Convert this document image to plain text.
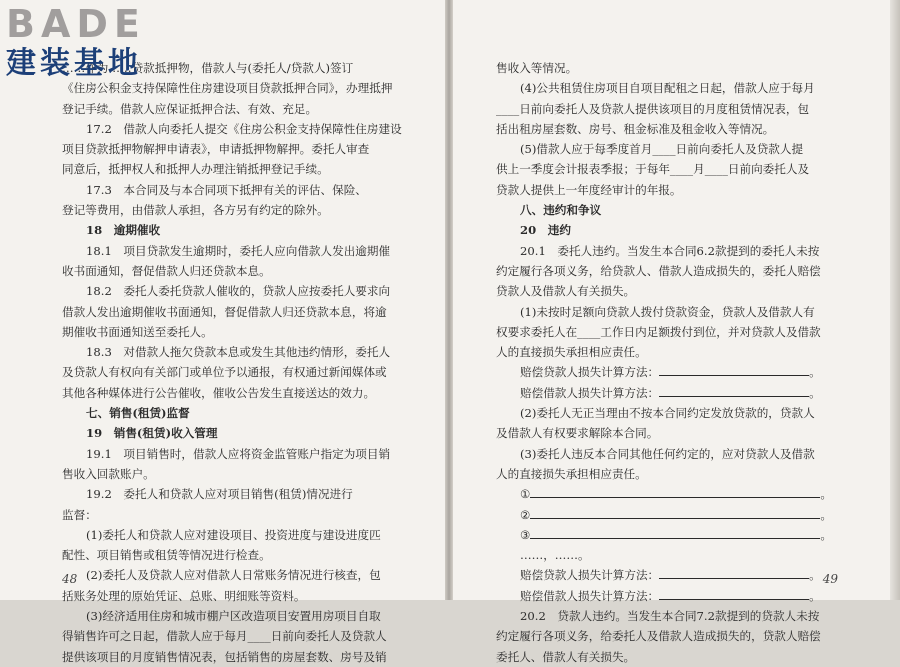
……作为……贷款抵押物，借款人与(委托人/贷款人)签订
《住房公积金支持保障性住房建设项目贷款抵押合同》，办理抵押
登记手续。借款人应保证抵押合法、有效、充足。
17.2　借款人向委托人提交《住房公积金支持保障性住房建设
项目贷款抵押物解押申请表》，申请抵押物解押。委托人审查
同意后，抵押权人和抵押人办理注销抵押登记手续。
17.3　本合同及与本合同项下抵押有关的评估、保险、
登记等费用，由借款人承担，各方另有约定的除外。
18　逾期催收
18.1　项目贷款发生逾期时，委托人应向借款人发出逾期催
收书面通知，督促借款人归还贷款本息。
18.2　委托人委托贷款人催收的，贷款人应按委托人要求向
借款人发出逾期催收书面通知，督促借款人归还贷款本息，将逾
期催收书面通知送至委托人。
18.3　对借款人拖欠贷款本息或发生其他违约情形，委托人
及贷款人有权向有关部门或单位予以通报，有权通过新闻媒体或
其他各种媒体进行公告催收，催收公告发生直接送达的效力。
七、销售(租赁)监督
19　销售(租赁)收入管理
19.1　项目销售时，借款人应将资金监管账户指定为项目销
售收入回款账户。
19.2　委托人和贷款人应对项目销售(租赁)情况进行
监督：
(1)委托人和贷款人应对建设项目、投资进度与建设进度匹
配性、项目销售或租赁等情况进行检查。
(2)委托人及贷款人应对借款人日常账务情况进行核查，包
括账务处理的原始凭证、总账、明细账等资料。
(3)经济适用住房和城市棚户区改造项目安置用房项目自取
得销售许可之日起，借款人应于每月____日前向委托人及贷款人
提供该项目的月度销售情况表，包括销售的房屋套数、房号及销
48
BADE
建装基地	售收入等情况。
(4)公共租赁住房项目自项目配租之日起，借款人应于每月
____日前向委托人及贷款人提供该项目的月度租赁情况表，包
括出租房屋套数、房号、租金标准及租金收入等情况。
(5)借款人应于每季度首月____日前向委托人及贷款人提
供上一季度会计报表季报；于每年____月____日前向委托人及
贷款人提供上一年度经审计的年报。
八、违约和争议
20　违约
20.1　委托人违约。当发生本合同6.2款提到的委托人未按
约定履行各项义务，给贷款人、借款人造成损失的，委托人赔偿
贷款人及借款人有关损失。
(1)未按时足额向贷款人拨付贷款资金，贷款人及借款人有
权要求委托人在____工作日内足额拨付到位，并对贷款人及借款
人的直接损失承担相应责任。
赔偿贷款人损失计算方法：	。
赔偿借款人损失计算方法：	。
(2)委托人无正当理由不按本合同约定发放贷款的，贷款人
及借款人有权要求解除本合同。
(3)委托人违反本合同其他任何约定的，应对贷款人及借款
人的直接损失承担相应责任。
①	。
②	。
③	。
……，……。
赔偿贷款人损失计算方法：	。
赔偿借款人损失计算方法：	。
20.2　贷款人违约。当发生本合同7.2款提到的贷款人未按
约定履行各项义务，给委托人及借款人造成损失的，贷款人赔偿
委托人、借款人有关损失。
49
